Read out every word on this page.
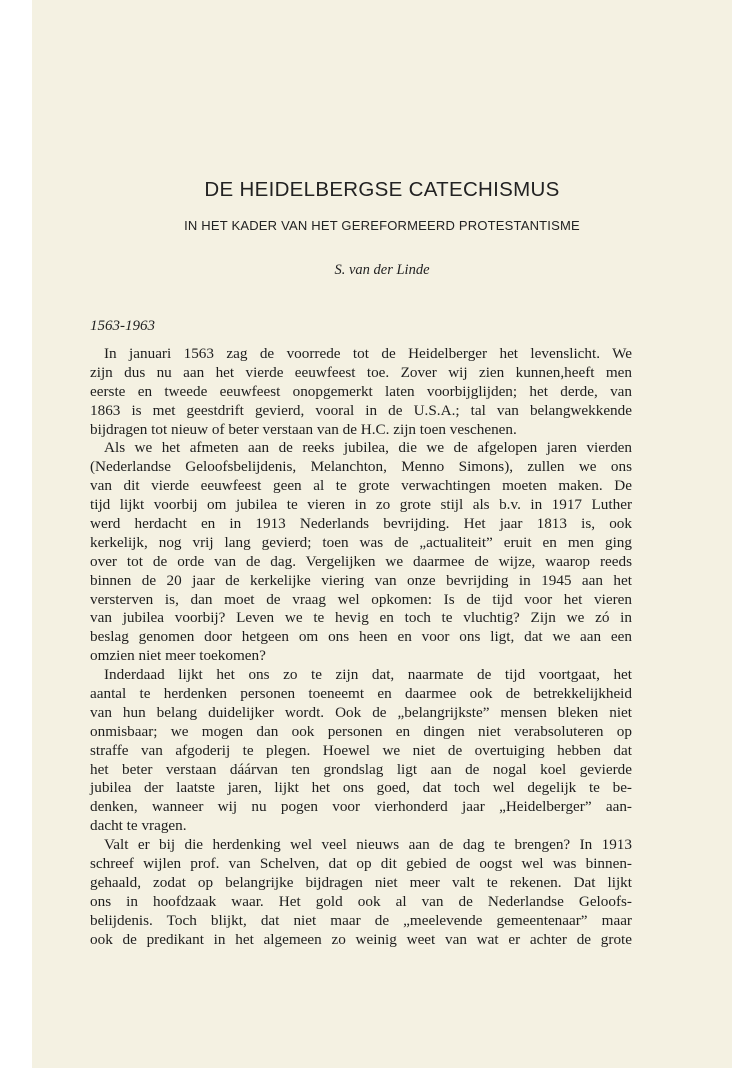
DE HEIDELBERGSE CATECHISMUS
IN HET KADER VAN HET GEREFORMEERD PROTESTANTISME

S. van der Linde

1563-1963

In januari 1563 zag de voorrede tot de Heidelberger het levenslicht. We
zijn dus nu aan het vierde eeuwfeest toe. Zover wij zien kunnen,heeft men
eerste en tweede eeuwfeest onopgemerkt laten voorbijglijden; het derde, van
1863 is met geestdrift gevierd, vooral in de U.S.A.; tal van belangwekkende
bijdragen tot nieuw of beter verstaan van de H.C. zijn toen veschenen.
Als we het afmeten aan de reeks jubilea, die we de afgelopen jaren vierden
(Nederlandse Geloofsbelijdenis, Melanchton, Menno Simons), zullen we ons
van dit vierde eeuwfeest geen al te grote verwachtingen moeten maken. De
tijd lijkt voorbij om jubilea te vieren in zo grote stijl als b.v. in 1917 Luther
werd herdacht en in 1913 Nederlands bevrijding. Het jaar 1813 is, ook
kerkelijk, nog vrij lang gevierd; toen was de „actualiteit” eruit en men ging
over tot de orde van de dag. Vergelijken we daarmee de wijze, waarop reeds
binnen de 20 jaar de kerkelijke viering van onze bevrijding in 1945 aan het
versterven is, dan moet de vraag wel opkomen: Is de tijd voor het vieren
van jubilea voorbij? Leven we te hevig en toch te vluchtig? Zijn we zó in
beslag genomen door hetgeen om ons heen en voor ons ligt, dat we aan een
omzien niet meer toekomen?
Inderdaad lijkt het ons zo te zijn dat, naarmate de tijd voortgaat, het
aantal te herdenken personen toeneemt en daarmee ook de betrekkelijkheid
van hun belang duidelijker wordt. Ook de „belangrijkste” mensen bleken niet
onmisbaar; we mogen dan ook personen en dingen niet verabsoluteren op
straffe van afgoderij te plegen. Hoewel we niet de overtuiging hebben dat
het beter verstaan dáárvan ten grondslag ligt aan de nogal koel gevierde
jubilea der laatste jaren, lijkt het ons goed, dat toch wel degelijk te be-
denken, wanneer wij nu pogen voor vierhonderd jaar „Heidelberger” aan-
dacht te vragen.
Valt er bij die herdenking wel veel nieuws aan de dag te brengen? In 1913
schreef wijlen prof. van Schelven, dat op dit gebied de oogst wel was binnen-
gehaald, zodat op belangrijke bijdragen niet meer valt te rekenen. Dat lijkt
ons in hoofdzaak waar. Het gold ook al van de Nederlandse Geloofs-
belijdenis. Toch blijkt, dat niet maar de „meelevende gemeentenaar” maar
ook de predikant in het algemeen zo weinig weet van wat er achter de grote
